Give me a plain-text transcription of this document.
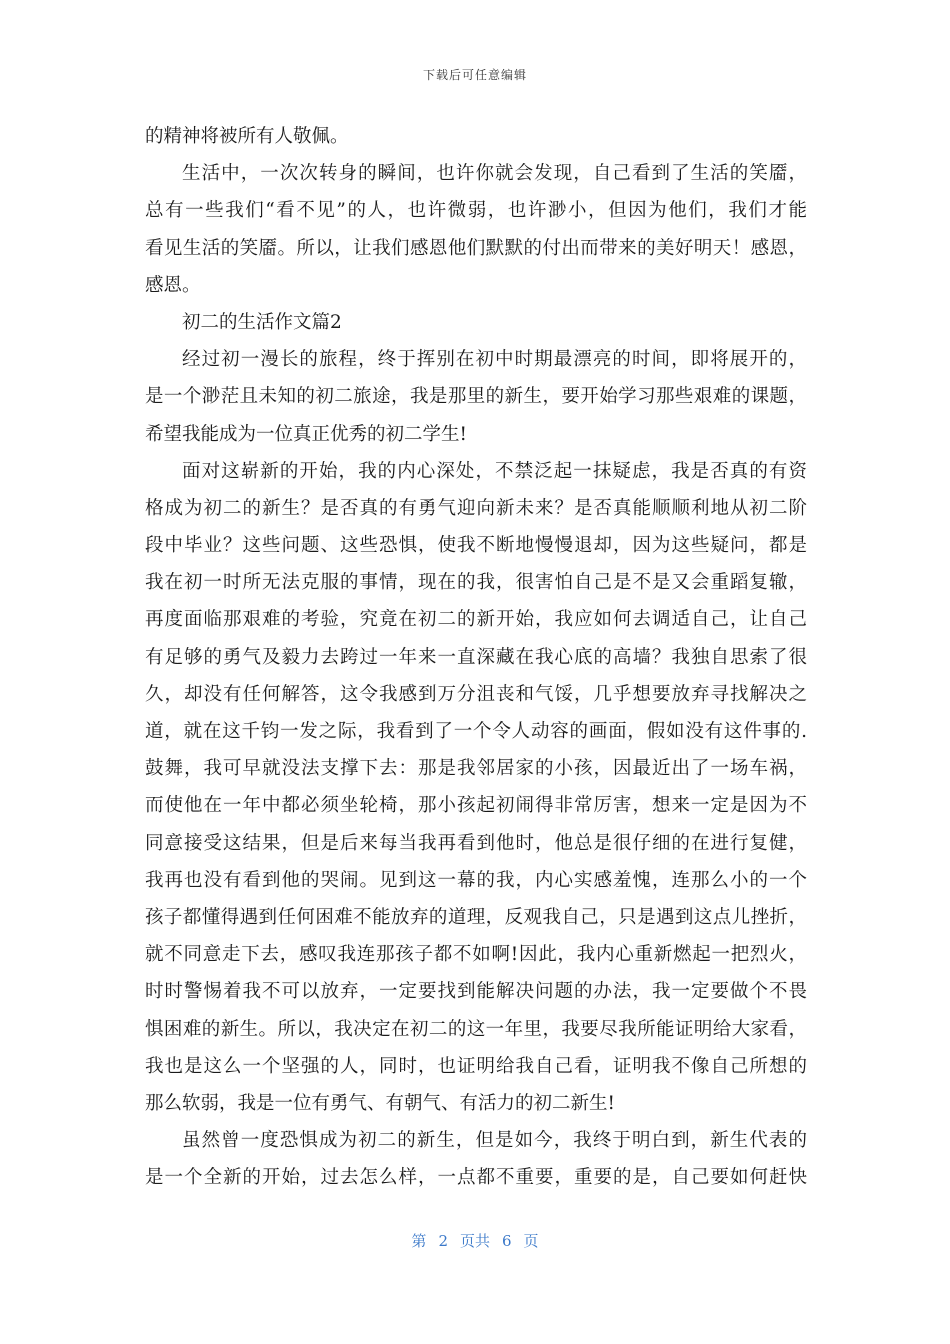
下载后可任意编辑
的精神将被所有人敬佩。
生活中，一次次转身的瞬间，也许你就会发现，自己看到了生活的笑靥，
总有一些我们“看不见”的人，也许微弱，也许渺小，但因为他们，我们才能
看见生活的笑靥。所以，让我们感恩他们默默的付出而带来的美好明天！感恩，
感恩。
初二的生活作文篇2
经过初一漫长的旅程，终于挥别在初中时期最漂亮的时间，即将展开的，
是一个渺茫且未知的初二旅途，我是那里的新生，要开始学习那些艰难的课题，
希望我能成为一位真正优秀的初二学生!
面对这崭新的开始，我的内心深处，不禁泛起一抹疑虑，我是否真的有资
格成为初二的新生？是否真的有勇气迎向新未来？是否真能顺顺利地从初二阶
段中毕业？这些问题、这些恐惧，使我不断地慢慢退却，因为这些疑问，都是
我在初一时所无法克服的事情，现在的我，很害怕自己是不是又会重蹈复辙，
再度面临那艰难的考验，究竟在初二的新开始，我应如何去调适自己，让自己
有足够的勇气及毅力去跨过一年来一直深藏在我心底的高墙？我独自思索了很
久，却没有任何解答，这令我感到万分沮丧和气馁，几乎想要放弃寻找解决之
道，就在这千钧一发之际，我看到了一个令人动容的画面，假如没有这件事的.
鼓舞，我可早就没法支撑下去：那是我邻居家的小孩，因最近出了一场车祸，
而使他在一年中都必须坐轮椅，那小孩起初闹得非常厉害，想来一定是因为不
同意接受这结果，但是后来每当我再看到他时，他总是很仔细的在进行复健，
我再也没有看到他的哭闹。见到这一幕的我，内心实感羞愧，连那么小的一个
孩子都懂得遇到任何困难不能放弃的道理，反观我自己，只是遇到这点儿挫折，
就不同意走下去，感叹我连那孩子都不如啊!因此，我内心重新燃起一把烈火，
时时警惕着我不可以放弃，一定要找到能解决问题的办法，我一定要做个不畏
惧困难的新生。所以，我决定在初二的这一年里，我要尽我所能证明给大家看，
我也是这么一个坚强的人，同时，也证明给我自己看，证明我不像自己所想的
那么软弱，我是一位有勇气、有朝气、有活力的初二新生!
虽然曾一度恐惧成为初二的新生，但是如今，我终于明白到，新生代表的
是一个全新的开始，过去怎么样，一点都不重要，重要的是，自己要如何赶快
第 2 页共 6 页
